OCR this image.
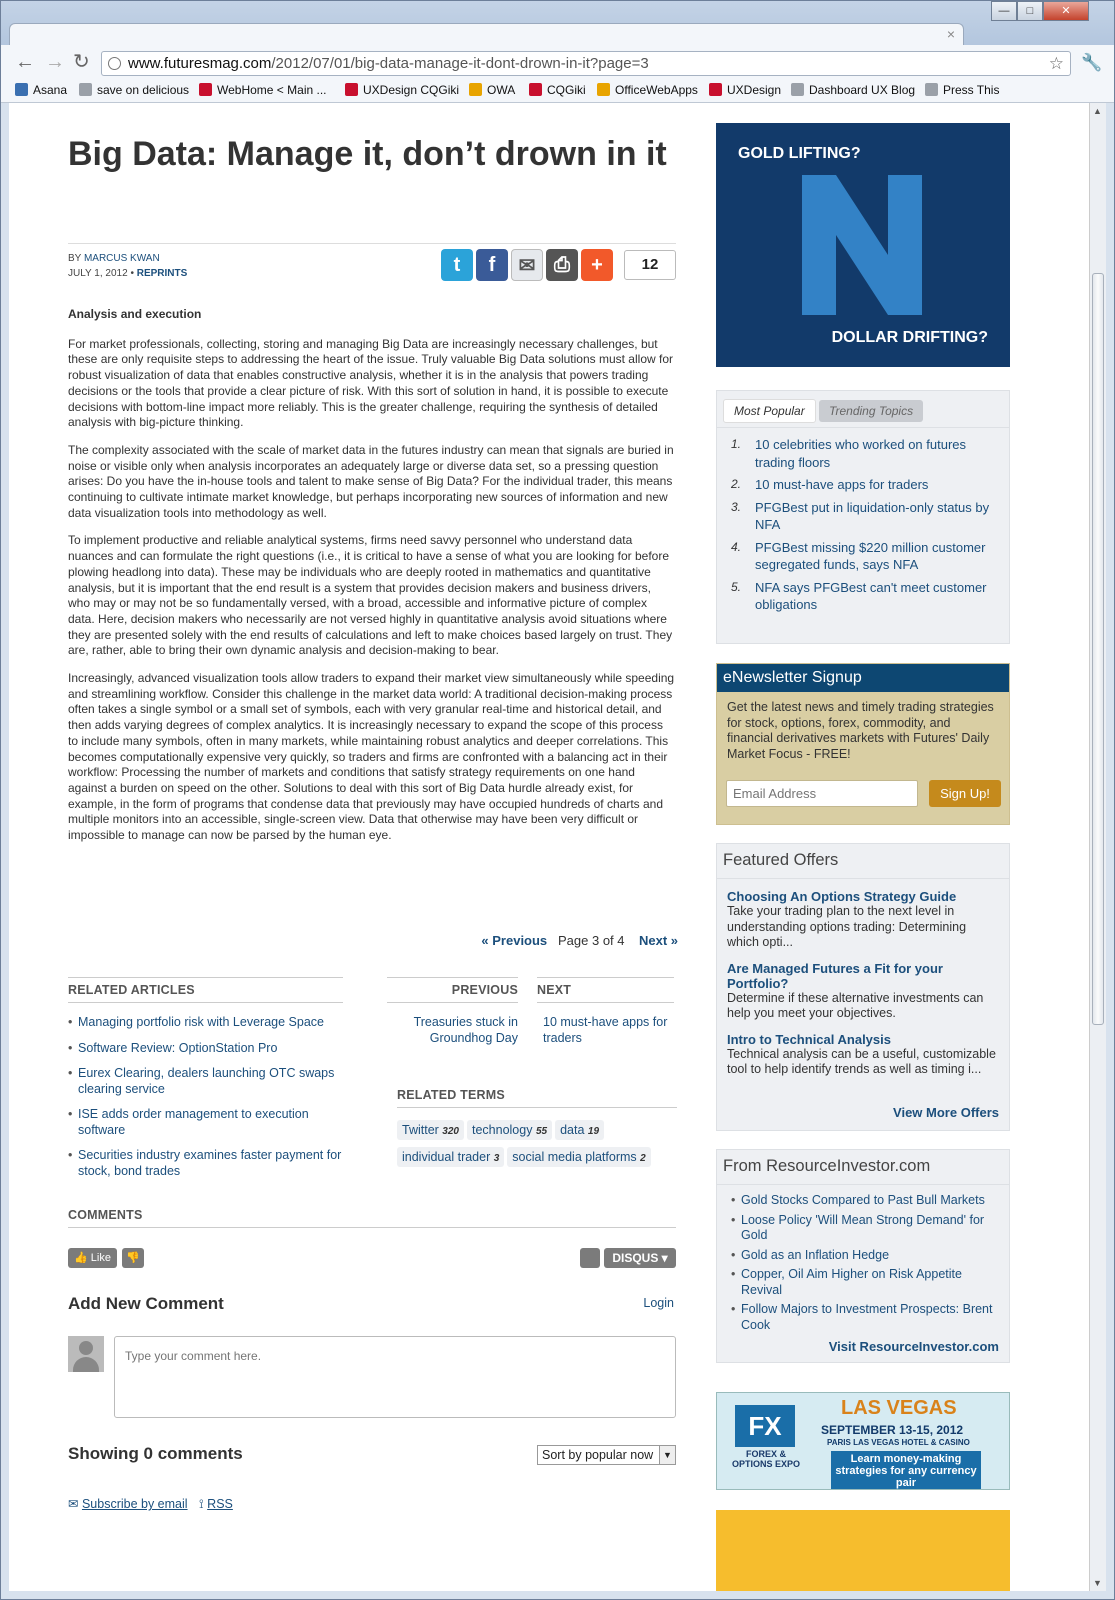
×
—	□	✕
← → ↻	www.futuresmag.com/2012/07/01/big-data-manage-it-dont-drown-in-it?page=3	☆ 🔧
Asana	save on delicious	WebHome < Main ...	UXDesign CQGiki	OWA	CQGiki	OfficeWebApps	UXDesign	Dashboard UX Blog	Press This
Big Data: Manage it, don’t drown in it
BY MARCUS KWAN
JULY 1, 2012 • REPRINTS	t	f	✉ ⎙	+	12
Analysis and execution

For market professionals, collecting, storing and managing Big Data are increasingly necessary challenges, but these are only requisite steps to addressing the heart of the issue. Truly valuable Big Data solutions must allow for robust visualization of data that enables constructive analysis, whether it is in the analysis that powers trading decisions or the tools that provide a clear picture of risk. With this sort of solution in hand, it is possible to execute decisions with bottom-line impact more reliably. This is the greater challenge, requiring the synthesis of detailed analysis with big-picture thinking.

The complexity associated with the scale of market data in the futures industry can mean that signals are buried in noise or visible only when analysis incorporates an adequately large or diverse data set, so a pressing question arises: Do you have the in-house tools and talent to make sense of Big Data? For the individual trader, this means continuing to cultivate intimate market knowledge, but perhaps incorporating new sources of information and new data visualization tools into methodology as well.

To implement productive and reliable analytical systems, firms need savvy personnel who understand data nuances and can formulate the right questions (i.e., it is critical to have a sense of what you are looking for before plowing headlong into data). These may be individuals who are deeply rooted in mathematics and quantitative analysis, but it is important that the end result is a system that provides decision makers and business drivers, who may or may not be so fundamentally versed, with a broad, accessible and informative picture of complex data. Here, decision makers who necessarily are not versed highly in quantitative analysis avoid situations where they are presented solely with the end results of calculations and left to make choices based largely on trust. They are, rather, able to bring their own dynamic analysis and decision-making to bear.

Increasingly, advanced visualization tools allow traders to expand their market view simultaneously while speeding and streamlining workflow. Consider this challenge in the market data world: A traditional decision-making process often takes a single symbol or a small set of symbols, each with very granular real-time and historical detail, and then adds varying degrees of complex analytics. It is increasingly necessary to expand the scope of this process to include many symbols, often in many markets, while maintaining robust analytics and deeper correlations. This becomes computationally expensive very quickly, so traders and firms are confronted with a balancing act in their workflow: Processing the number of markets and conditions that satisfy strategy requirements on one hand against a burden on speed on the other. Solutions to deal with this sort of Big Data hurdle already exist, for example, in the form of programs that condense data that previously may have occupied hundreds of charts and multiple monitors into an accessible, single-screen view. Data that otherwise may have been very difficult or impossible to manage can now be parsed by the human eye.

« Previous Page 3 of 4 Next »
RELATED ARTICLES
• Managing portfolio risk with Leverage Space
• Software Review: OptionStation Pro
• Eurex Clearing, dealers launching OTC swaps clearing service
• ISE adds order management to execution software
• Securities industry examines faster payment for stock, bond trades
PREVIOUS
Treasuries stuck in Groundhog Day
NEXT
10 must-have apps for traders
RELATED TERMS
Twitter 320 technology 55 data 19individual trader 3 social media platforms 2
COMMENTS
👍 Like	👎	DISQUS ▾
Add New Comment	Login
Type your comment here.
Showing 0 comments	▼
Sort by popular now
✉ Subscribe by email ⟟ RSS
GOLD LIFTING?
DOLLAR DRIFTING?
Most Popular Trending Topics
1. 10 celebrities who worked on futures trading floors
2. 10 must-have apps for traders
3. PFGBest put in liquidation-only status by NFA
4. PFGBest missing $220 million customer segregated funds, says NFA
5. NFA says PFGBest can't meet customer obligations
eNewsletter Signup
Get the latest news and timely trading strategies for stock, options, forex, commodity, and financial derivatives markets with Futures' Daily Market Focus - FREE!
Email Address
Sign Up!
Featured Offers
Choosing An Options Strategy Guide
Take your trading plan to the next level in understanding options trading: Determining which opti...
Are Managed Futures a Fit for your Portfolio?
Determine if these alternative investments can help you meet your objectives.
Intro to Technical Analysis
Technical analysis can be a useful, customizable tool to help identify trends as well as timing i...
View More Offers
From ResourceInvestor.com
• Gold Stocks Compared to Past Bull Markets
• Loose Policy 'Will Mean Strong Demand' for Gold
• Gold as an Inflation Hedge
• Copper, Oil Aim Higher on Risk Appetite Revival
• Follow Majors to Investment Prospects: Brent Cook
Visit ResourceInvestor.com
FX
FOREX & OPTIONS EXPO
LAS VEGAS
SEPTEMBER 13-15, 2012
PARIS LAS VEGAS HOTEL & CASINO
Learn money-making strategies for any currency pair
▲
▼
